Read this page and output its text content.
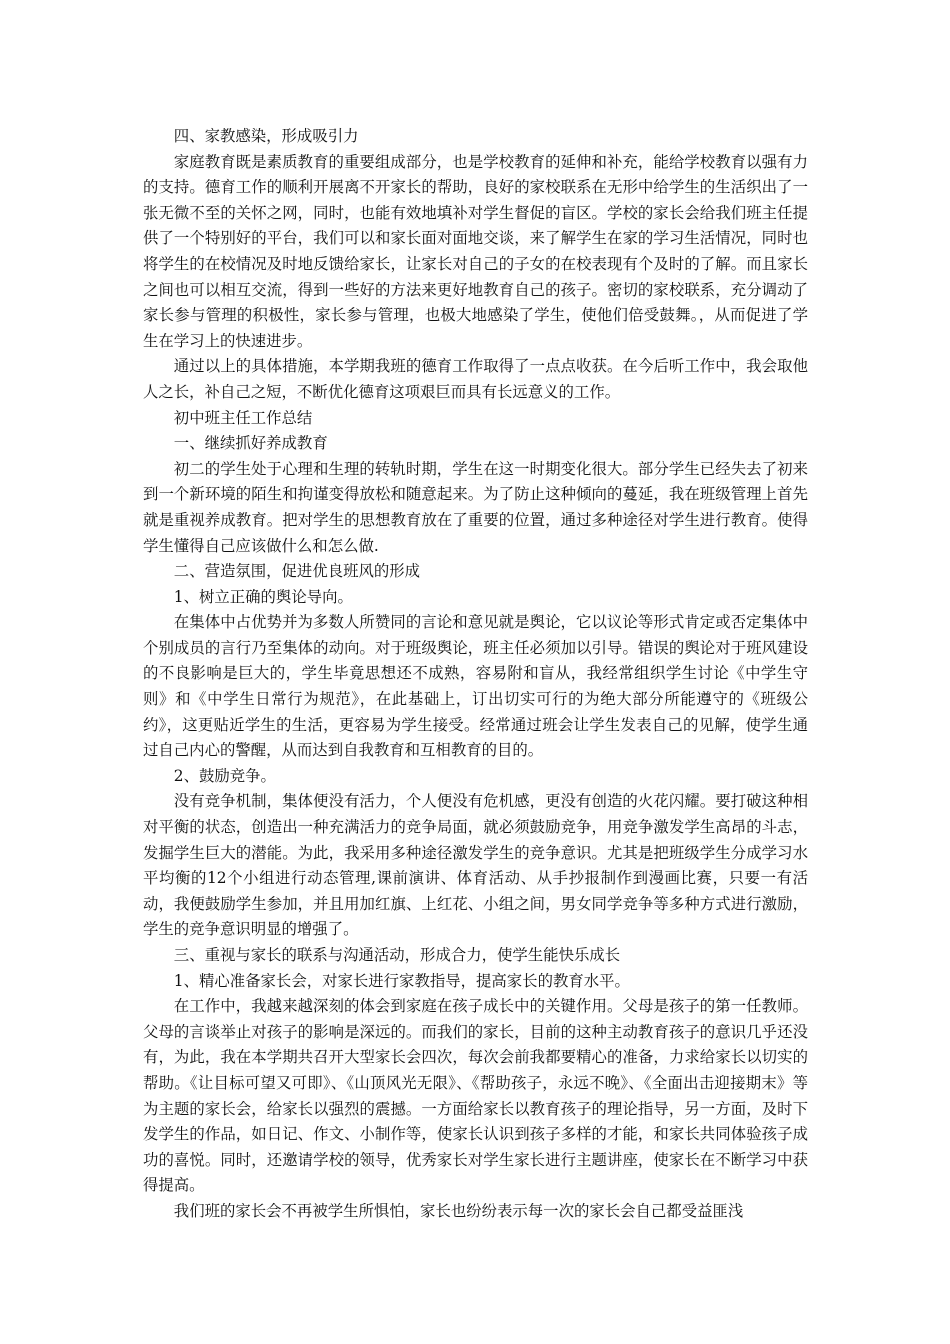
四、家教感染，形成吸引力

家庭教育既是素质教育的重要组成部分，也是学校教育的延伸和补充，能给学校教育以强有力的支持。德育工作的顺利开展离不开家长的帮助，良好的家校联系在无形中给学生的生活织出了一张无微不至的关怀之网，同时，也能有效地填补对学生督促的盲区。学校的家长会给我们班主任提供了一个特别好的平台，我们可以和家长面对面地交谈，来了解学生在家的学习生活情况，同时也将学生的在校情况及时地反馈给家长，让家长对自己的子女的在校表现有个及时的了解。而且家长之间也可以相互交流，得到一些好的方法来更好地教育自己的孩子。密切的家校联系，充分调动了家长参与管理的积极性，家长参与管理，也极大地感染了学生，使他们倍受鼓舞。，从而促进了学生在学习上的快速进步。

通过以上的具体措施，本学期我班的德育工作取得了一点点收获。在今后听工作中，我会取他人之长，补自己之短，不断优化德育这项艰巨而具有长远意义的工作。

初中班主任工作总结

一、继续抓好养成教育

初二的学生处于心理和生理的转轨时期，学生在这一时期变化很大。部分学生已经失去了初来到一个新环境的陌生和拘谨变得放松和随意起来。为了防止这种倾向的蔓延，我在班级管理上首先就是重视养成教育。把对学生的思想教育放在了重要的位置，通过多种途径对学生进行教育。使得学生懂得自己应该做什么和怎么做.

二、营造氛围，促进优良班风的形成

1、树立正确的舆论导向。

在集体中占优势并为多数人所赞同的言论和意见就是舆论，它以议论等形式肯定或否定集体中个别成员的言行乃至集体的动向。对于班级舆论，班主任必须加以引导。错误的舆论对于班风建设的不良影响是巨大的，学生毕竟思想还不成熟，容易附和盲从，我经常组织学生讨论《中学生守则》和《中学生日常行为规范》，在此基础上，订出切实可行的为绝大部分所能遵守的《班级公约》，这更贴近学生的生活，更容易为学生接受。经常通过班会让学生发表自己的见解，使学生通过自己内心的警醒，从而达到自我教育和互相教育的目的。

2、鼓励竞争。

没有竞争机制，集体便没有活力，个人便没有危机感，更没有创造的火花闪耀。要打破这种相对平衡的状态，创造出一种充满活力的竞争局面，就必须鼓励竞争，用竞争激发学生高昂的斗志，发掘学生巨大的潜能。为此，我采用多种途径激发学生的竞争意识。尤其是把班级学生分成学习水平均衡的12个小组进行动态管理,课前演讲、体育活动、从手抄报制作到漫画比赛，只要一有活动，我便鼓励学生参加，并且用加红旗、上红花、小组之间，男女同学竞争等多种方式进行激励，学生的竞争意识明显的增强了。

三、重视与家长的联系与沟通活动，形成合力，使学生能快乐成长

1、精心准备家长会，对家长进行家教指导，提高家长的教育水平。

在工作中，我越来越深刻的体会到家庭在孩子成长中的关键作用。父母是孩子的第一任教师。父母的言谈举止对孩子的影响是深远的。而我们的家长，目前的这种主动教育孩子的意识几乎还没有，为此，我在本学期共召开大型家长会四次，每次会前我都要精心的准备，力求给家长以切实的帮助。《让目标可望又可即》、《山顶风光无限》、《帮助孩子，永远不晚》、《全面出击迎接期末》等为主题的家长会，给家长以强烈的震撼。一方面给家长以教育孩子的理论指导，另一方面，及时下发学生的作品，如日记、作文、小制作等，使家长认识到孩子多样的才能，和家长共同体验孩子成功的喜悦。同时，还邀请学校的领导，优秀家长对学生家长进行主题讲座，使家长在不断学习中获得提高。

我们班的家长会不再被学生所惧怕，家长也纷纷表示每一次的家长会自己都受益匪浅
